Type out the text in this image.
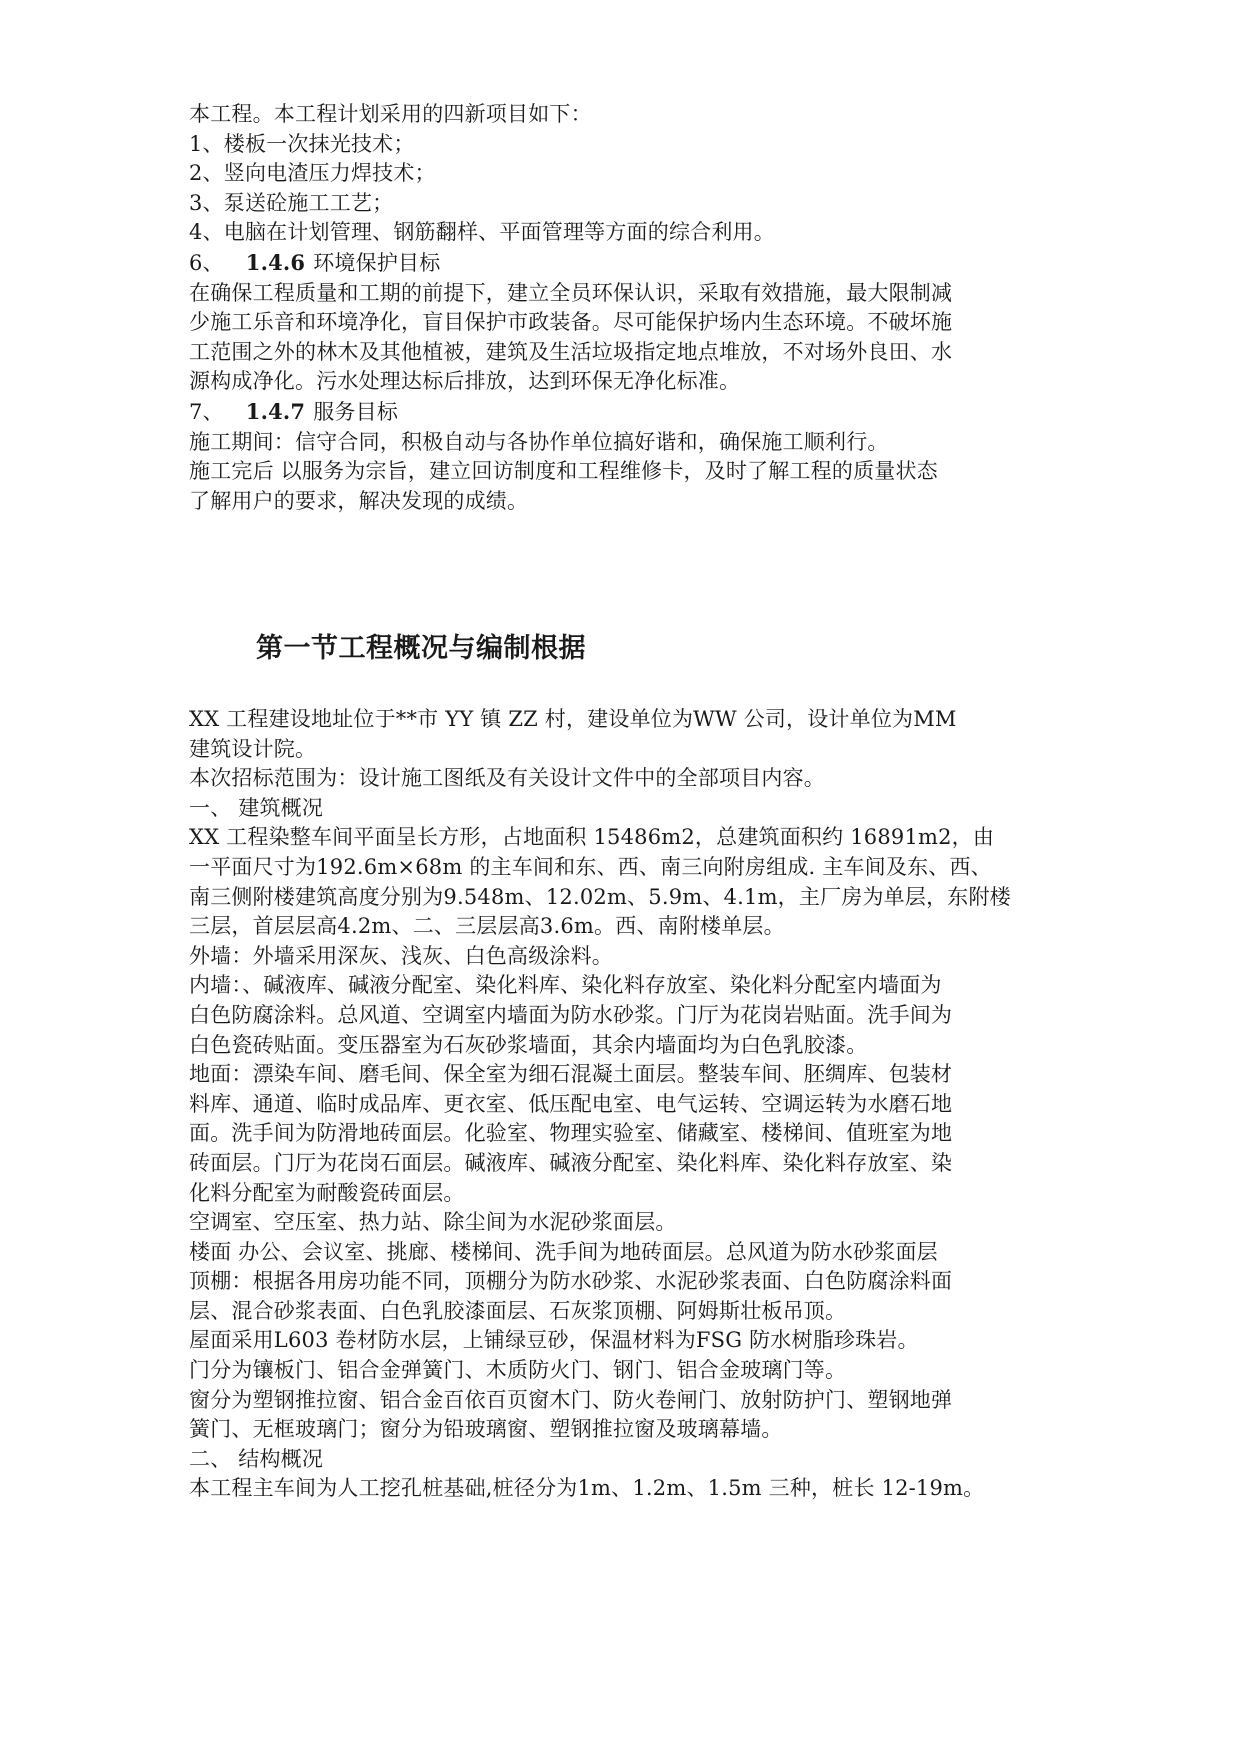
本工程。本工程计划采用的四新项目如下：
1、楼板一次抹光技术；
2、竖向电渣压力焊技术；
3、泵送砼施工工艺；
4、电脑在计划管理、钢筋翻样、平面管理等方面的综合利用。
6、 1.4.6 环境保护目标
在确保工程质量和工期的前提下，建立全员环保认识，采取有效措施，最大限制减
少施工乐音和环境净化，盲目保护市政装备。尽可能保护场内生态环境。不破坏施
工范围之外的林木及其他植被，建筑及生活垃圾指定地点堆放，不对场外良田、水
源构成净化。污水处理达标后排放，达到环保无净化标准。
7、 1.4.7 服务目标
施工期间：信守合同，积极自动与各协作单位搞好谐和，确保施工顺利行。
施工完后 以服务为宗旨，建立回访制度和工程维修卡，及时了解工程的质量状态
了解用户的要求，解决发现的成绩。
第一节工程概况与编制根据
XX 工程建设地址位于**市 YY 镇 ZZ 村，建设单位为WW 公司，设计单位为MM
建筑设计院。
本次招标范围为：设计施工图纸及有关设计文件中的全部项目内容。
一、 建筑概况
XX 工程染整车间平面呈长方形，占地面积 15486m2，总建筑面积约 16891m2，由
一平面尺寸为192.6m×68m 的主车间和东、西、南三向附房组成. 主车间及东、西、
南三侧附楼建筑高度分别为9.548m、12.02m、5.9m、4.1m，主厂房为单层，东附楼
三层，首层层高4.2m、二、三层层高3.6m。西、南附楼单层。
外墙：外墙采用深灰、浅灰、白色高级涂料。
内墙：、碱液库、碱液分配室、染化料库、染化料存放室、染化料分配室内墙面为
白色防腐涂料。总风道、空调室内墙面为防水砂浆。门厅为花岗岩贴面。洗手间为
白色瓷砖贴面。变压器室为石灰砂浆墙面，其余内墙面均为白色乳胶漆。
地面：漂染车间、磨毛间、保全室为细石混凝土面层。整装车间、胚绸库、包装材
料库、通道、临时成品库、更衣室、低压配电室、电气运转、空调运转为水磨石地
面。洗手间为防滑地砖面层。化验室、物理实验室、储藏室、楼梯间、值班室为地
砖面层。门厅为花岗石面层。碱液库、碱液分配室、染化料库、染化料存放室、染
化料分配室为耐酸瓷砖面层。
空调室、空压室、热力站、除尘间为水泥砂浆面层。
楼面 办公、会议室、挑廊、楼梯间、洗手间为地砖面层。总风道为防水砂浆面层
顶棚：根据各用房功能不同，顶棚分为防水砂浆、水泥砂浆表面、白色防腐涂料面
层、混合砂浆表面、白色乳胶漆面层、石灰浆顶棚、阿姆斯壮板吊顶。
屋面采用L603 卷材防水层，上铺绿豆砂，保温材料为FSG 防水树脂珍珠岩。
门分为镶板门、铝合金弹簧门、木质防火门、钢门、铝合金玻璃门等。
窗分为塑钢推拉窗、铝合金百依百页窗木门、防火卷闸门、放射防护门、塑钢地弹
簧门、无框玻璃门；窗分为铅玻璃窗、塑钢推拉窗及玻璃幕墙。
二、 结构概况
本工程主车间为人工挖孔桩基础,桩径分为1m、1.2m、1.5m 三种，桩长 12-19m。
